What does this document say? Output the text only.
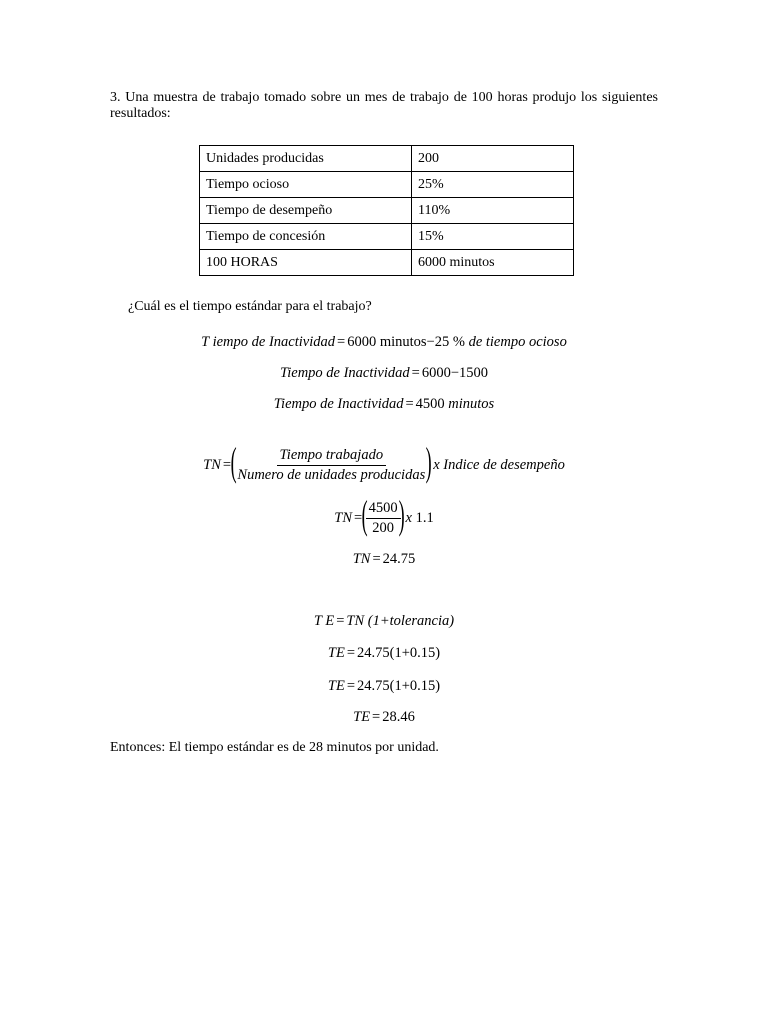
3. Una muestra de trabajo tomado sobre un mes de trabajo de 100 horas produjo los siguientes resultados:
Unidades producidas	200
Tiempo ocioso	25%
Tiempo de desempeño	110%
Tiempo de concesión	15%
100 HORAS	6000 minutos
¿Cuál es el tiempo estándar para el trabajo?
T iempo de Inactividad = 6000 minutos−25 % de tiempo ocioso
Tiempo de Inactividad = 6000−1500
Tiempo de Inactividad = 4500 minutos
TN = (
$\frac{\text{Tiempo trabajado}}{\text{Numero de unidades producidas}}$
)
x
Indice de desempeño
TN = (
$\frac{4500}{200}$
)
x
1.1
TN = 24.75
T E = TN (1+tolerancia)
TE = 24.75(1+0.15)
TE = 24.75(1+0.15)
TE = 28.46
Entonces: El tiempo estándar es de 28 minutos por unidad.
